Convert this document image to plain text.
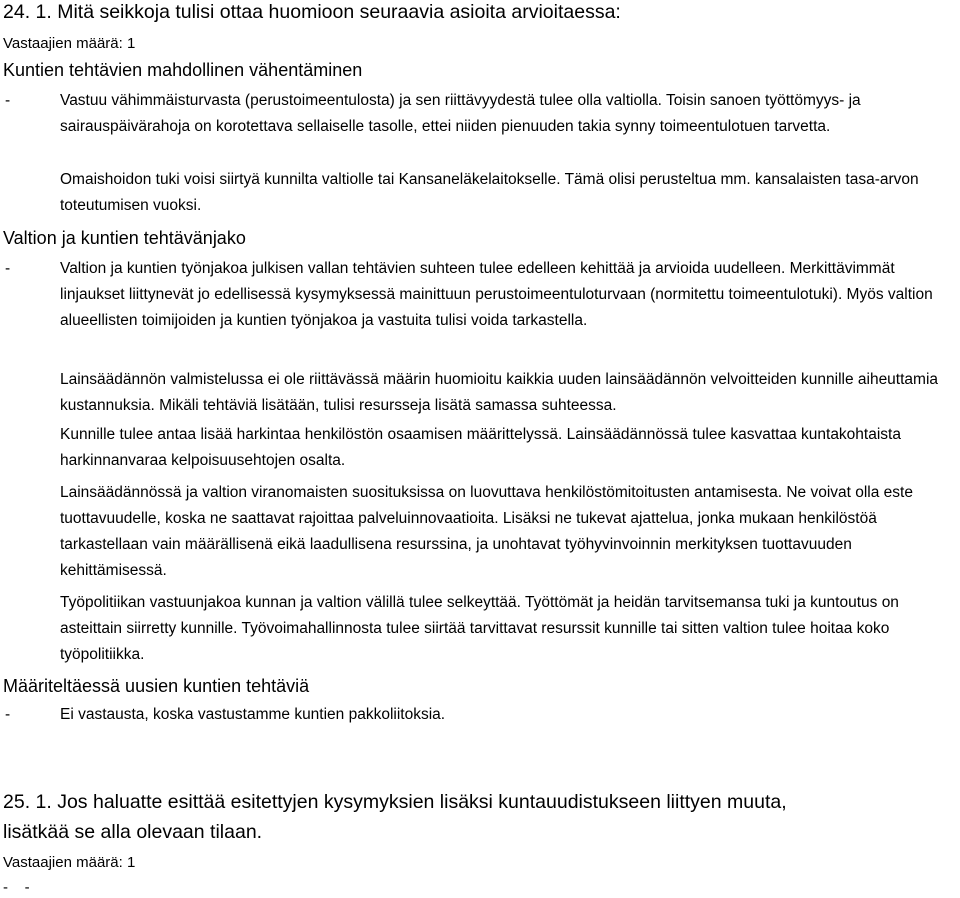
24. 1. Mitä seikkoja tulisi ottaa huomioon seuraavia asioita arvioitaessa:
Vastaajien määrä: 1
Kuntien tehtävien mahdollinen vähentäminen
-	Vastuu vähimmäisturvasta (perustoimeentulosta) ja sen riittävyydestä tulee olla valtiolla. Toisin sanoen työttömyys- ja sairauspäivärahoja on korotettava sellaiselle tasolle, ettei niiden pienuuden takia synny toimeentulotuen tarvetta.
Omaishoidon tuki voisi siirtyä kunnilta valtiolle tai Kansaneläkelaitokselle. Tämä olisi perusteltua mm. kansalaisten tasa-arvon toteutumisen vuoksi.
Valtion ja kuntien tehtävänjako
-	Valtion ja kuntien työnjakoa julkisen vallan tehtävien suhteen tulee edelleen kehittää ja arvioida uudelleen. Merkittävimmät linjaukset liittynevät jo edellisessä kysymyksessä mainittuun perustoimeentuloturvaan (normitettu toimeentulotuki). Myös valtion alueellisten toimijoiden ja kuntien työnjakoa ja vastuita tulisi voida tarkastella.
Lainsäädännön valmistelussa ei ole riittävässä määrin huomioitu kaikkia uuden lainsäädännön velvoitteiden kunnille aiheuttamia kustannuksia. Mikäli tehtäviä lisätään, tulisi resursseja lisätä samassa suhteessa.
Kunnille tulee antaa lisää harkintaa henkilöstön osaamisen määrittelyssä. Lainsäädännössä tulee kasvattaa kuntakohtaista harkinnanvaraa kelpoisuusehtojen osalta.
Lainsäädännössä ja valtion viranomaisten suosituksissa on luovuttava henkilöstömitoitusten antamisesta. Ne voivat olla este tuottavuudelle, koska ne saattavat rajoittaa palveluinnovaatioita. Lisäksi ne tukevat ajattelua, jonka mukaan henkilöstöä tarkastellaan vain määrällisenä eikä laadullisena resurssina, ja unohtavat työhyvinvoinnin merkityksen tuottavuuden kehittämisessä.
Työpolitiikan vastuunjakoa kunnan ja valtion välillä tulee selkeyttää. Työttömät ja heidän tarvitsemansa tuki ja kuntoutus on asteittain siirretty kunnille. Työvoimahallinnosta tulee siirtää tarvittavat resurssit kunnille tai sitten valtion tulee hoitaa koko työpolitiikka.
Määriteltäessä uusien kuntien tehtäviä
-	Ei vastausta, koska vastustamme kuntien pakkoliitoksia.
25. 1. Jos haluatte esittää esitettyjen kysymyksien lisäksi kuntauudistukseen liittyen muuta,
lisätkää se alla olevaan tilaan.
Vastaajien määrä: 1
-    -
